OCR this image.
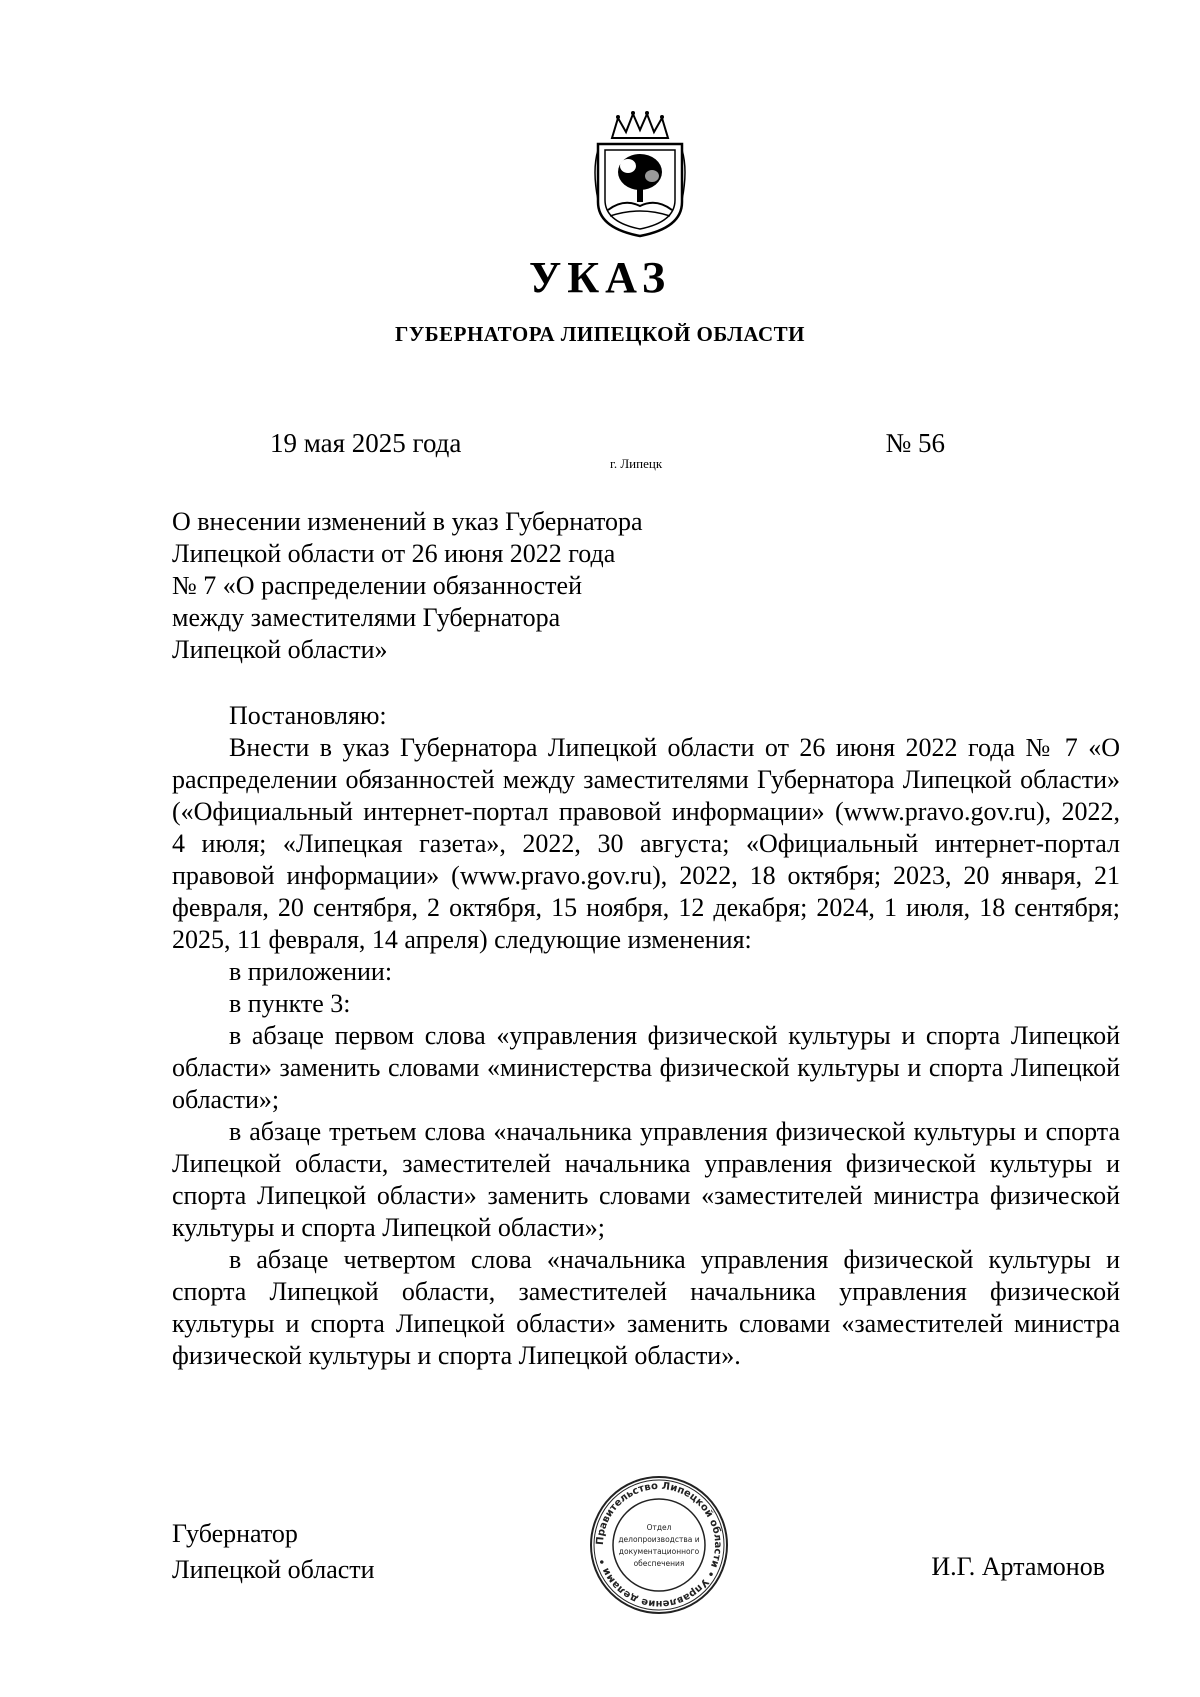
УКАЗ
ГУБЕРНАТОРА ЛИПЕЦКОЙ ОБЛАСТИ
19 мая 2025 года
г. Липецк
№ 56
О внесении изменений в указ Губернатора
Липецкой области от 26 июня 2022 года
№ 7 «О распределении обязанностей
между заместителями Губернатора
Липецкой области»

Постановляю:

Внести в указ Губернатора Липецкой области от 26 июня 2022 года № 7 «О распределении обязанностей между заместителями Губернатора Липецкой области» («Официальный интернет-портал правовой информации» (www.pravo.gov.ru), 2022, 4 июля; «Липецкая газета», 2022, 30 августа; «Официальный интернет-портал правовой информации» (www.pravo.gov.ru), 2022, 18 октября; 2023, 20 января, 21 февраля, 20 сентября, 2 октября, 15 ноября, 12 декабря; 2024, 1 июля, 18 сентября; 2025, 11 февраля, 14 апреля) следующие изменения:

в приложении:

в пункте 3:

в абзаце первом слова «управления физической культуры и спорта Липецкой области» заменить словами «министерства физической культуры и спорта Липецкой области»;

в абзаце третьем слова «начальника управления физической культуры и спорта Липецкой области, заместителей начальника управления физической культуры и спорта Липецкой области» заменить словами «заместителей министра физической культуры и спорта Липецкой области»;

в абзаце четвертом слова «начальника управления физической культуры и спорта Липецкой области, заместителей начальника управления физической культуры и спорта Липецкой области» заменить словами «заместителей министра физической культуры и спорта Липецкой области».

Губернатор
Липецкой области
Правительство Липецкой области • Управление делами •
Отдел
делопроизводства и
документационного
обеспечения	И.Г. Артамонов
